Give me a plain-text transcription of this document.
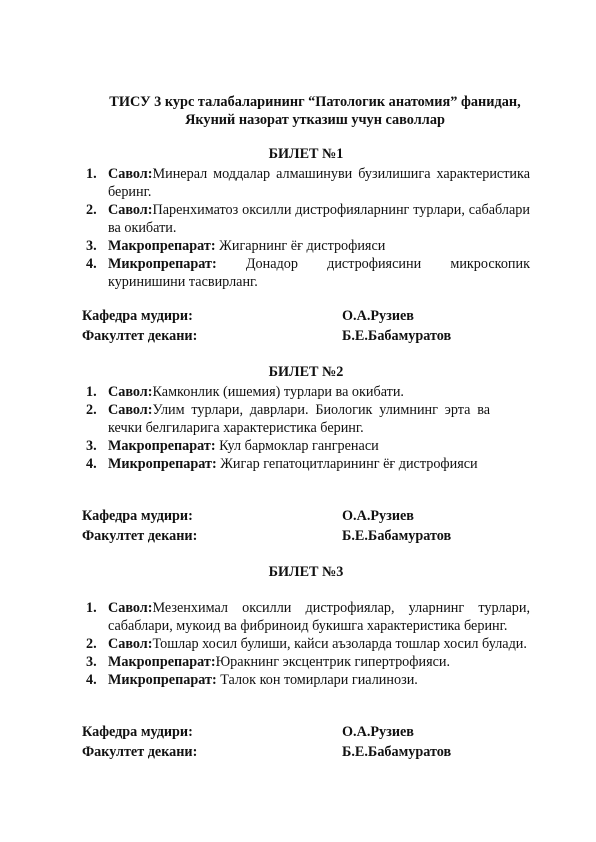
ТИСУ 3 курс талабаларининг “Патологик анатомия” фанидан,
Якуний назорат утказиш учун саволлар
БИЛЕТ №1
1. Савол:Минерал моддалар алмашинуви бузилишига характеристика беринг.
2. Савол:Паренхиматоз оксилли дистрофияларнинг турлари, сабаблари ва окибати.
3. Макропрепарат: Жигарнинг ёғ дистрофияси
4. Микропрепарат: Донадор дистрофиясини микроскопик куринишини тасвирланг.
Кафедра мудири:	О.А.Рузиев
Факултет декани:	Б.Е.Бабамуратов
БИЛЕТ №2
1. Савол:Камконлик (ишемия) турлари ва окибати.
2. Савол:Улим турлари, даврлари. Биологик улимнинг эрта ва кечки белгиларига характеристика беринг.
3. Макропрепарат: Кул бармоклар гангренаси
4. Микропрепарат: Жигар гепатоцитларининг ёғ дистрофияси
Кафедра мудири:	О.А.Рузиев
Факултет декани:	Б.Е.Бабамуратов
БИЛЕТ №3
1. Савол:Мезенхимал оксилли дистрофиялар, уларнинг турлари, сабаблари, мукоид ва фибриноид букишга характеристика беринг.
2. Савол:Тошлар хосил булиши, кайси аъзоларда тошлар хосил булади.
3. Макропрепарат:Юракнинг эксцентрик гипертрофияси.
4. Микропрепарат: Талок кон томирлари гиалинози.
Кафедра мудири:	О.А.Рузиев
Факултет декани:	Б.Е.Бабамуратов
